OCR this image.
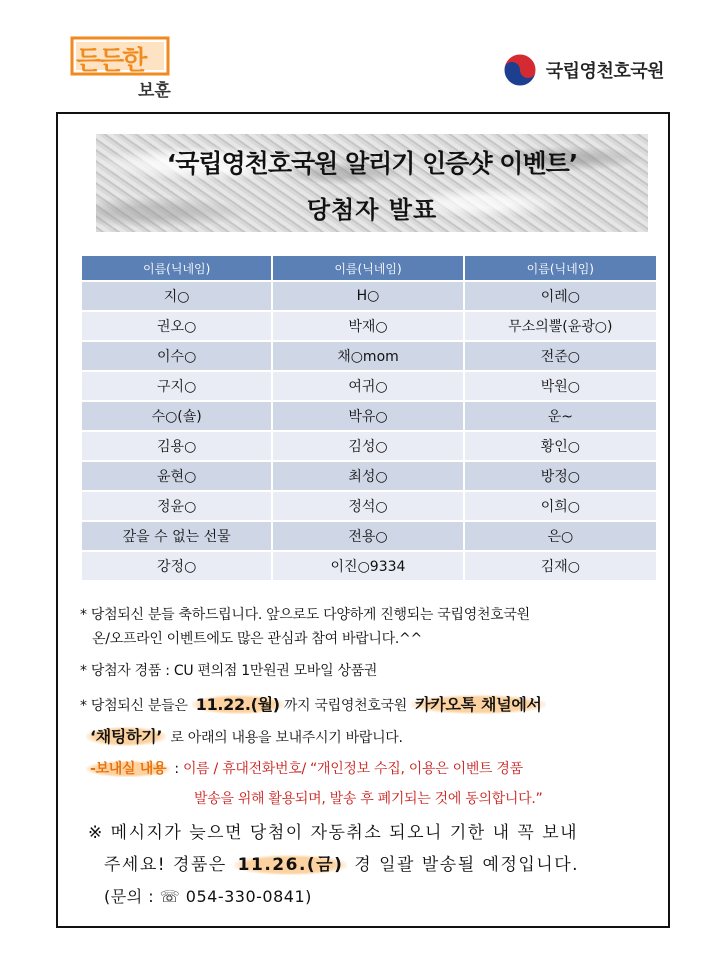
든든한
보훈
국립영천호국원
‘국립영천호국원 알리기 인증샷 이벤트’
당첨자 발표
이름(닉네임)	이름(닉네임)	이름(닉네임)
지○	H○	이레○
권오○	박재○	무소의뿔(윤광○)
이수○	채○mom	전준○
구지○	여귀○	박원○
수○(숄)	박유○	운~
김용○	김성○	황인○
윤현○	최성○	방정○
정윤○	정석○	이희○
갚을 수 없는 선물	전용○	은○
강정○	이진○9334	김재○
* 당첨되신 분들 축하드립니다. 앞으로도 다양하게 진행되는 국립영천호국원
온/오프라인 이벤트에도 많은 관심과 참여 바랍니다.^^
* 당첨자 경품 : CU 편의점 1만원권 모바일 상품권
* 당첨되신 분들은 11.22.(월) 까지 국립영천호국원 카카오톡 채널에서
‘채팅하기’ 로 아래의 내용을 보내주시기 바랍니다.
-보내실 내용 : 이름 / 휴대전화번호/ “개인정보 수집, 이용은 이벤트 경품
발송을 위해 활용되며, 발송 후 폐기되는 것에 동의합니다.”
※ 메시지가 늦으면 당첨이 자동취소 되오니 기한 내 꼭 보내
주세요! 경품은 11.26.(금) 경 일괄 발송될 예정입니다.
(문의 : ☏ 054-330-0841)
